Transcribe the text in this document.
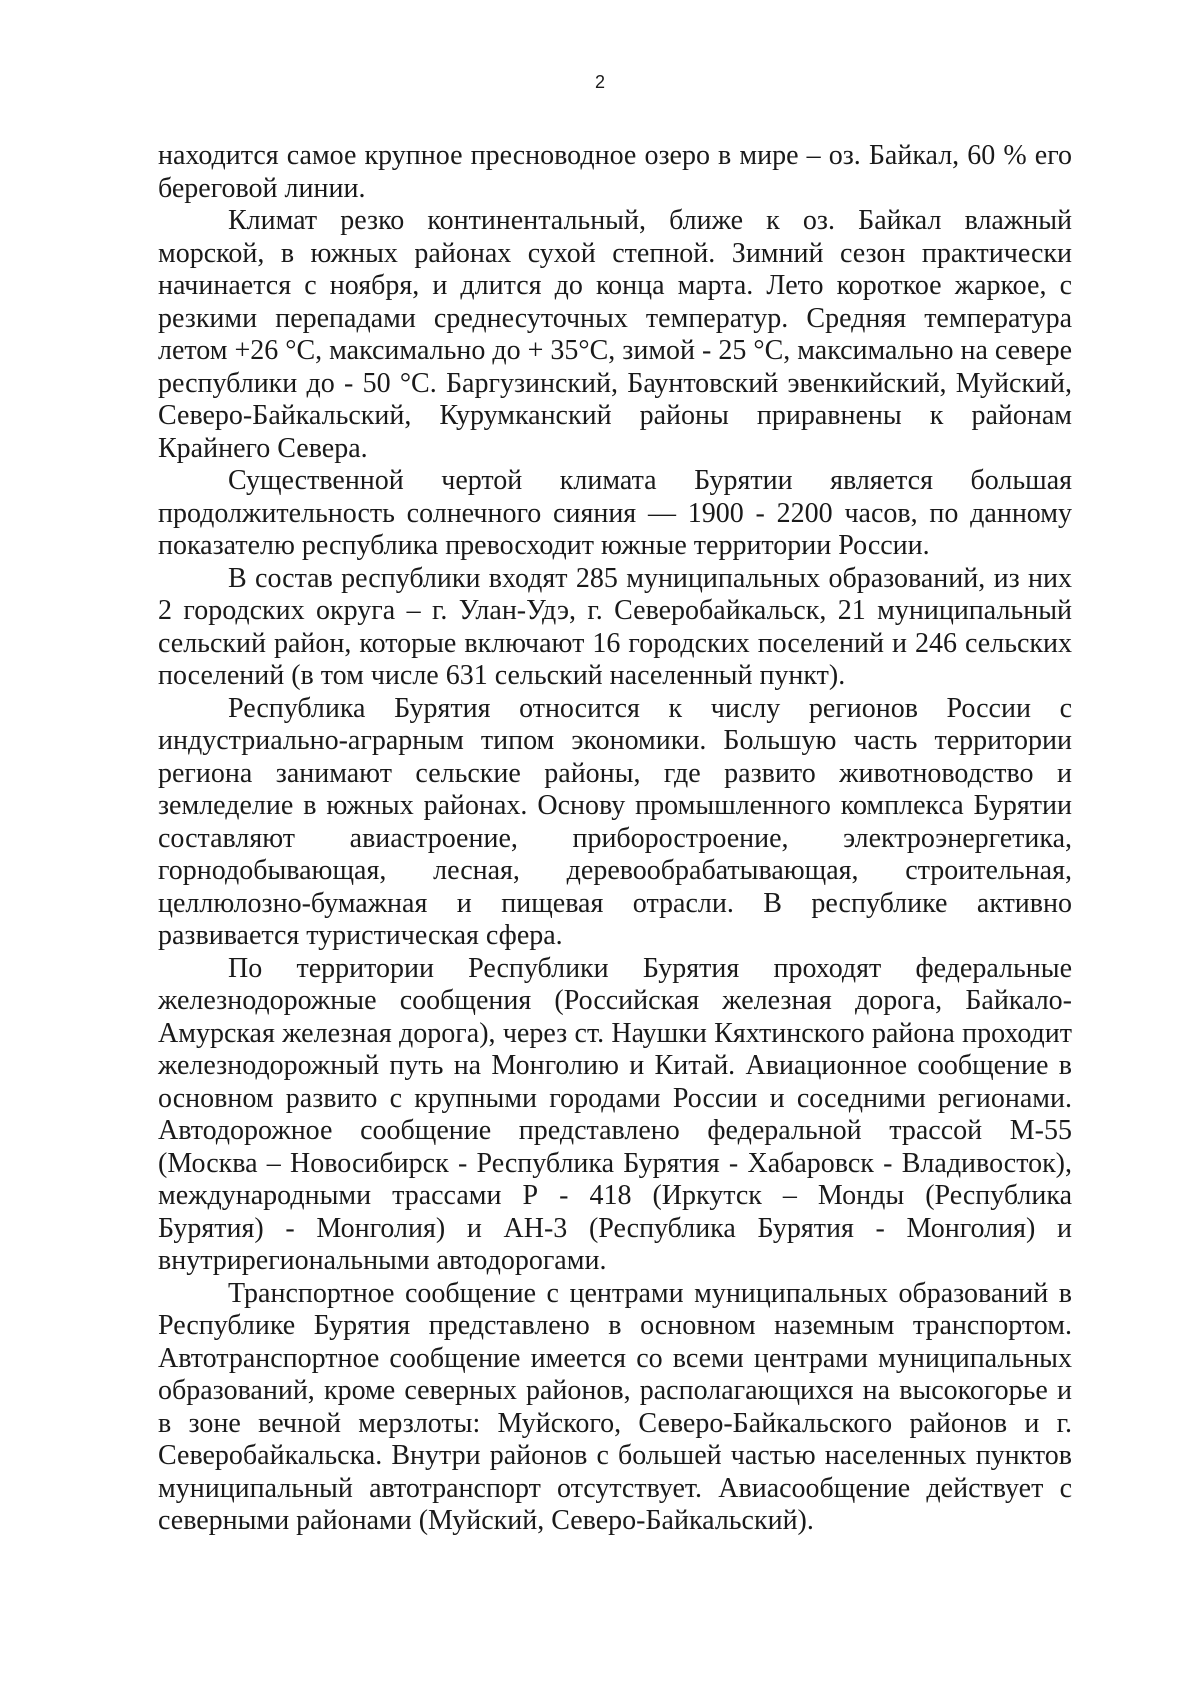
2

находится самое крупное пресноводное озеро в мире – оз. Байкал, 60 % его береговой линии.

Климат резко континентальный, ближе к оз. Байкал влажный морской, в южных районах сухой степной. Зимний сезон практически начинается с ноября, и длится до конца марта. Лето короткое жаркое, с резкими перепадами среднесуточных температур. Средняя температура летом +26 °С, максимально до + 35°С, зимой - 25 °С, максимально на севере республики до - 50 °С. Баргузинский, Баунтовский эвенкийский, Муйский, Северо-Байкальский, Курумканский районы приравнены к районам Крайнего Севера.

Существенной чертой климата Бурятии является большая продолжительность солнечного сияния — 1900 - 2200 часов, по данному показателю республика превосходит южные территории России.

В состав республики входят 285 муниципальных образований, из них 2 городских округа – г. Улан-Удэ, г. Северобайкальск, 21 муниципальный сельский район, которые включают 16 городских поселений и 246 сельских поселений (в том числе 631 сельский населенный пункт).

Республика Бурятия относится к числу регионов России с индустриально-аграрным типом экономики. Большую часть территории региона занимают сельские районы, где развито животноводство и земледелие в южных районах. Основу промышленного комплекса Бурятии составляют авиастроение, приборостроение, электроэнергетика, горнодобывающая, лесная, деревообрабатывающая, строительная, целлюлозно-бумажная и пищевая отрасли. В республике активно развивается туристическая сфера.

По территории Республики Бурятия проходят федеральные железнодорожные сообщения (Российская железная дорога, Байкало-Амурская железная дорога), через ст. Наушки Кяхтинского района проходит железнодорожный путь на Монголию и Китай. Авиационное сообщение в основном развито с крупными городами России и соседними регионами. Автодорожное сообщение представлено федеральной трассой М-55 (Москва – Новосибирск - Республика Бурятия - Хабаровск - Владивосток), международными трассами Р - 418 (Иркутск – Монды (Республика Бурятия) - Монголия) и АН-3 (Республика Бурятия - Монголия) и внутрирегиональными автодорогами.

Транспортное сообщение с центрами муниципальных образований в Республике Бурятия представлено в основном наземным транспортом. Автотранспортное сообщение имеется со всеми центрами муниципальных образований, кроме северных районов, располагающихся на высокогорье и в зоне вечной мерзлоты: Муйского, Северо-Байкальского районов и г. Северобайкальска. Внутри районов с большей частью населенных пунктов муниципальный автотранспорт отсутствует. Авиасообщение действует с северными районами (Муйский, Северо-Байкальский).
